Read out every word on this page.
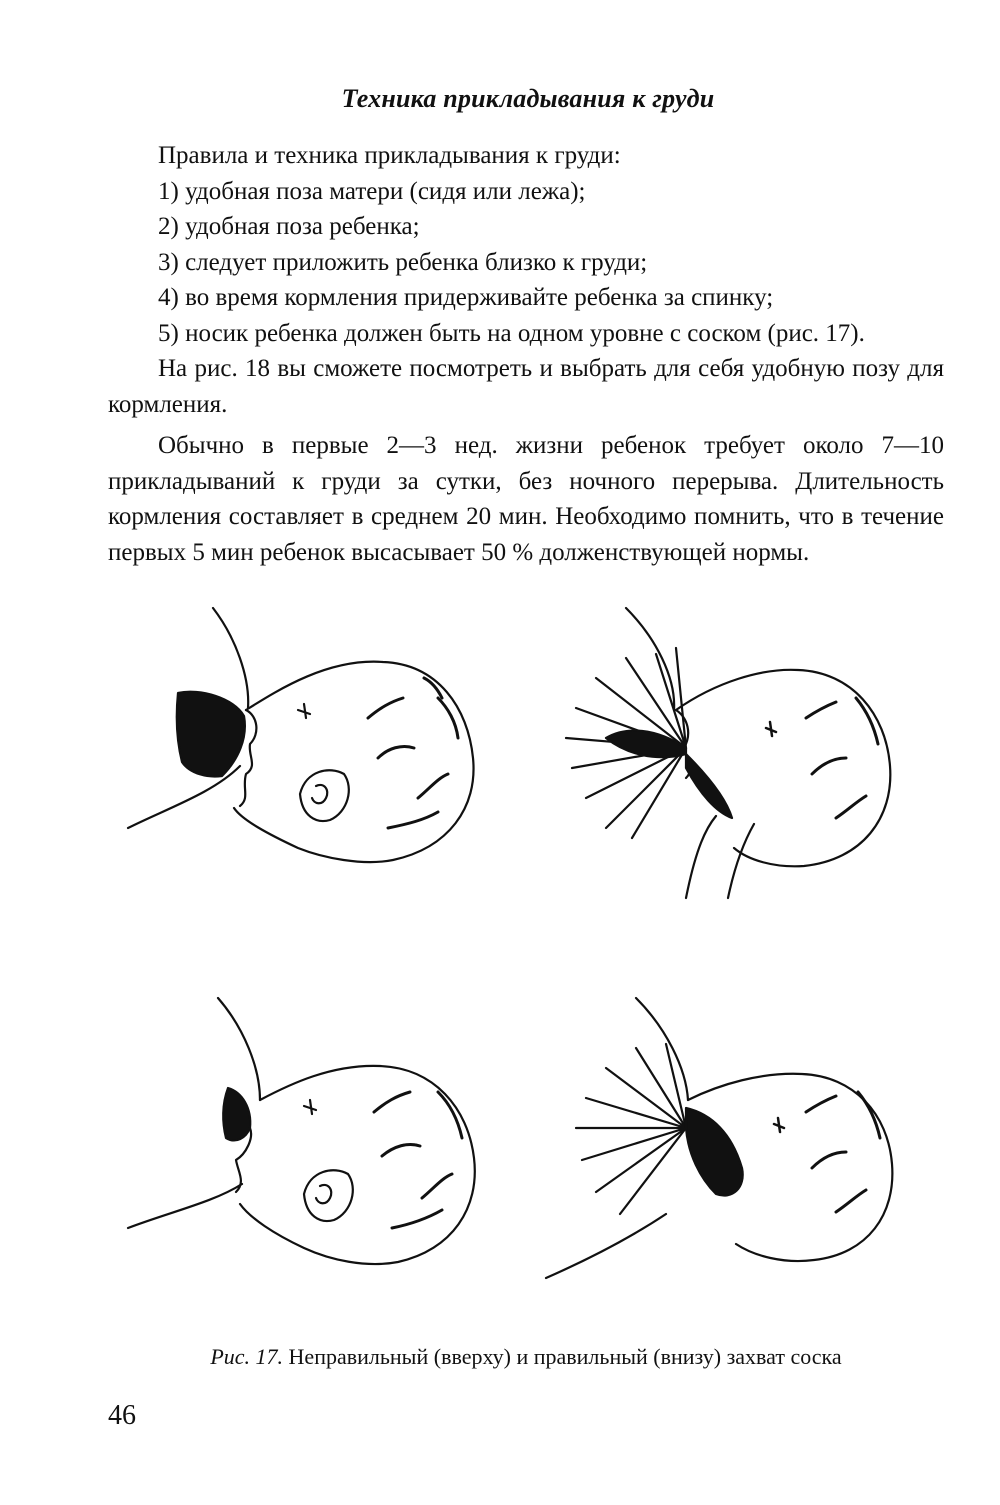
Техника прикладывания к груди

Правила и техника прикладывания к груди:

1) удобная поза матери (сидя или лежа);

2) удобная поза ребенка;

3) следует приложить ребенка близко к груди;

4) во время кормления придерживайте ребенка за спинку;

5) носик ребенка должен быть на одном уровне с соском (рис. 17).

На рис. 18 вы сможете посмотреть и выбрать для себя удобную позу для кормления.

Обычно в первые 2—3 нед. жизни ребенок требует около 7—10 прикладываний к груди за сутки, без ночного перерыва. Длительность кормления составляет в среднем 20 мин. Необходимо помнить, что в течение первых 5 мин ребенок высасывает 50 % долженствующей нормы.

Рис. 17. Неправильный (вверху) и правильный (внизу) захват соска
46
